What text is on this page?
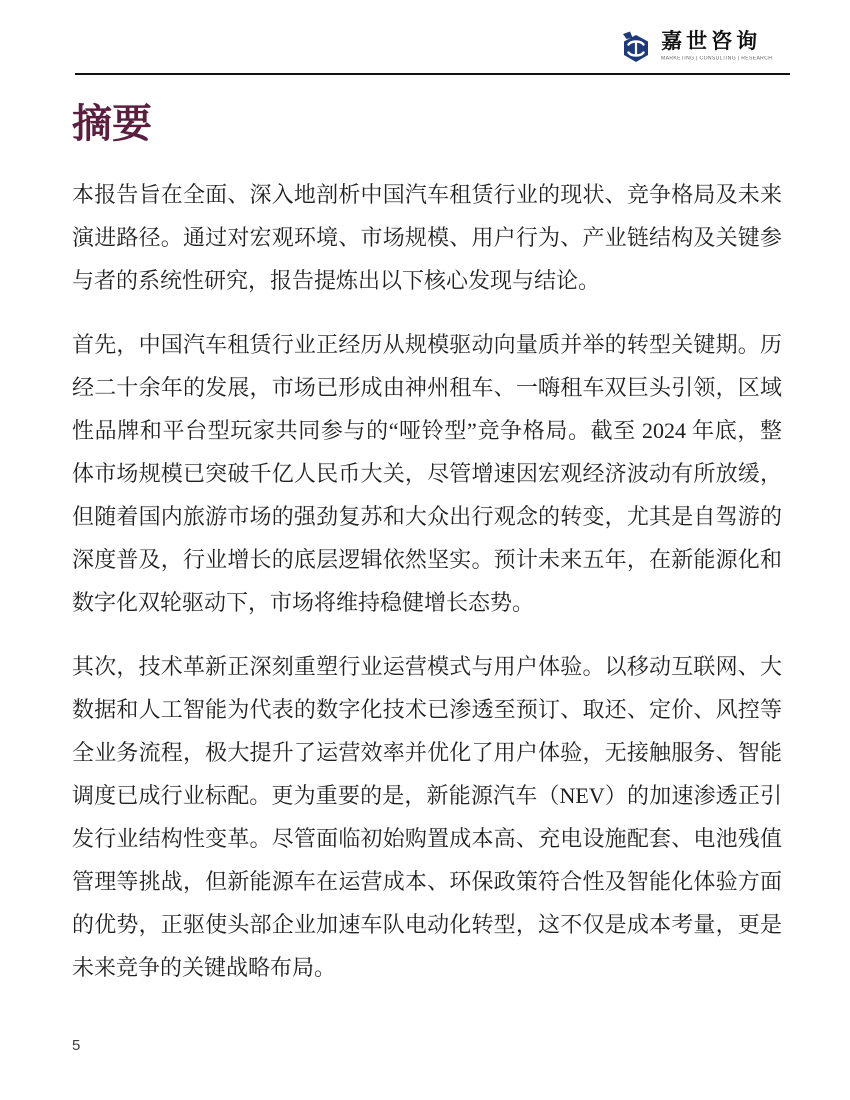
嘉世咨询
MARKETING | CONSULTING | RESEARCH
摘要

本报告旨在全面、深入地剖析中国汽车租赁行业的现状、竞争格局及未来演进路径。通过对宏观环境、市场规模、用户行为、产业链结构及关键参与者的系统性研究，报告提炼出以下核心发现与结论。

首先，中国汽车租赁行业正经历从规模驱动向量质并举的转型关键期。历经二十余年的发展，市场已形成由神州租车、一嗨租车双巨头引领，区域性品牌和平台型玩家共同参与的“哑铃型”竞争格局。截至 2024 年底，整体市场规模已突破千亿人民币大关，尽管增速因宏观经济波动有所放缓，但随着国内旅游市场的强劲复苏和大众出行观念的转变，尤其是自驾游的深度普及，行业增长的底层逻辑依然坚实。预计未来五年，在新能源化和数字化双轮驱动下，市场将维持稳健增长态势。

其次，技术革新正深刻重塑行业运营模式与用户体验。以移动互联网、大数据和人工智能为代表的数字化技术已渗透至预订、取还、定价、风控等全业务流程，极大提升了运营效率并优化了用户体验，无接触服务、智能调度已成行业标配。更为重要的是，新能源汽车（NEV）的加速渗透正引发行业结构性变革。尽管面临初始购置成本高、充电设施配套、电池残值管理等挑战，但新能源车在运营成本、环保政策符合性及智能化体验方面的优势，正驱使头部企业加速车队电动化转型，这不仅是成本考量，更是未来竞争的关键战略布局。

5
